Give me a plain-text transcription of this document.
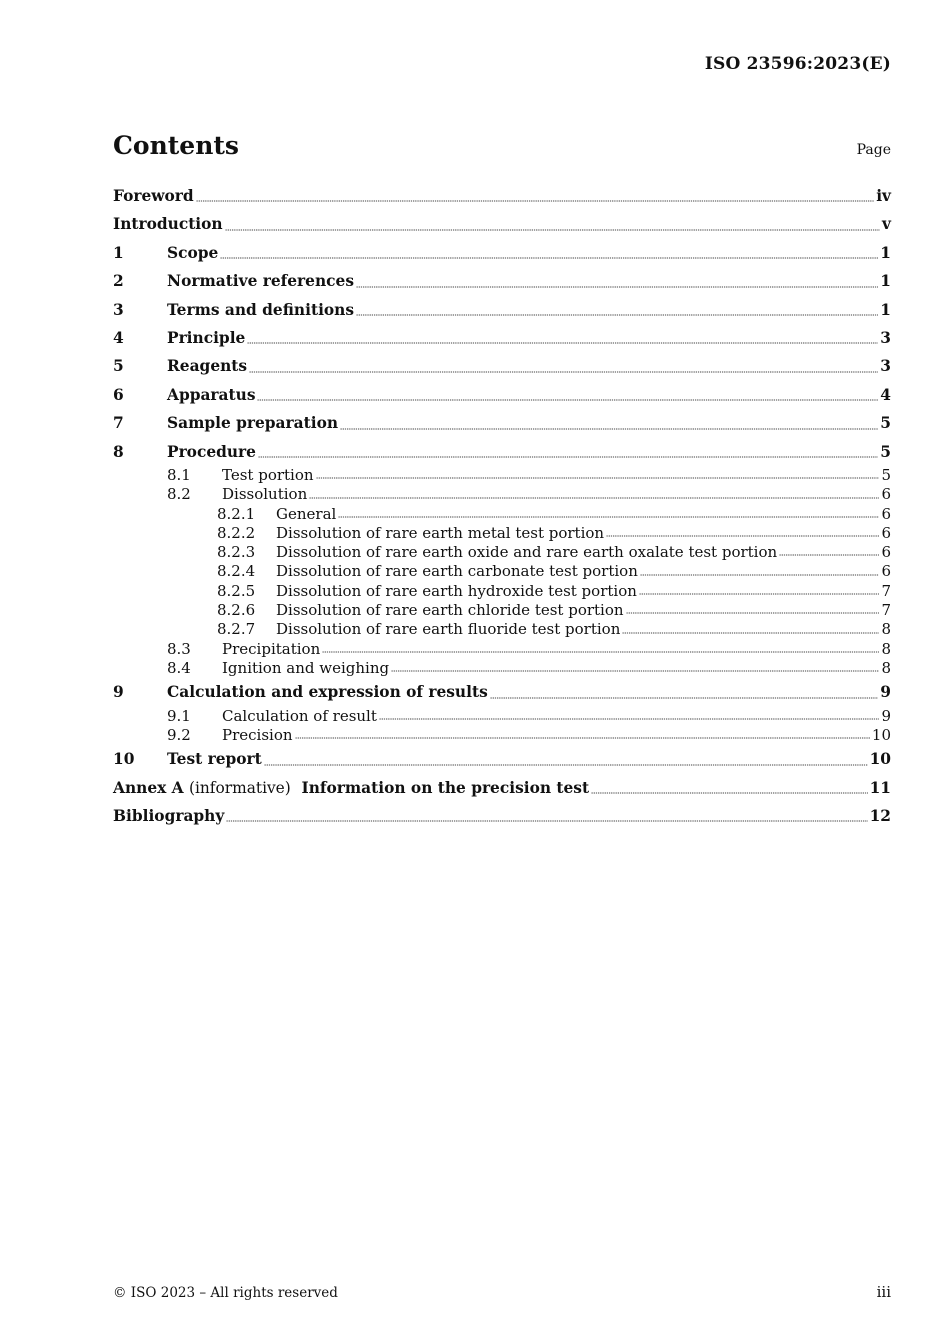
ISO 23596:2023(E)
Contents	Page
Foreword	iv
Introduction	v
1	Scope	1
2	Normative references	1
3	Terms and definitions	1
4	Principle	3
5	Reagents	3
6	Apparatus	4
7	Sample preparation	5
8	Procedure	5
8.1	Test portion	5
8.2	Dissolution	6
8.2.1	General	6
8.2.2	Dissolution of rare earth metal test portion	6
8.2.3	Dissolution of rare earth oxide and rare earth oxalate test portion	6
8.2.4	Dissolution of rare earth carbonate test portion	6
8.2.5	Dissolution of rare earth hydroxide test portion	7
8.2.6	Dissolution of rare earth chloride test portion	7
8.2.7	Dissolution of rare earth fluoride test portion	8
8.3	Precipitation	8
8.4	Ignition and weighing	8
9	Calculation and expression of results	9
9.1	Calculation of result	9
9.2	Precision	10
10	Test report	10
Annex A (informative) Information on the precision test	11
Bibliography	12
© ISO 2023 – All rights reserved	iii
